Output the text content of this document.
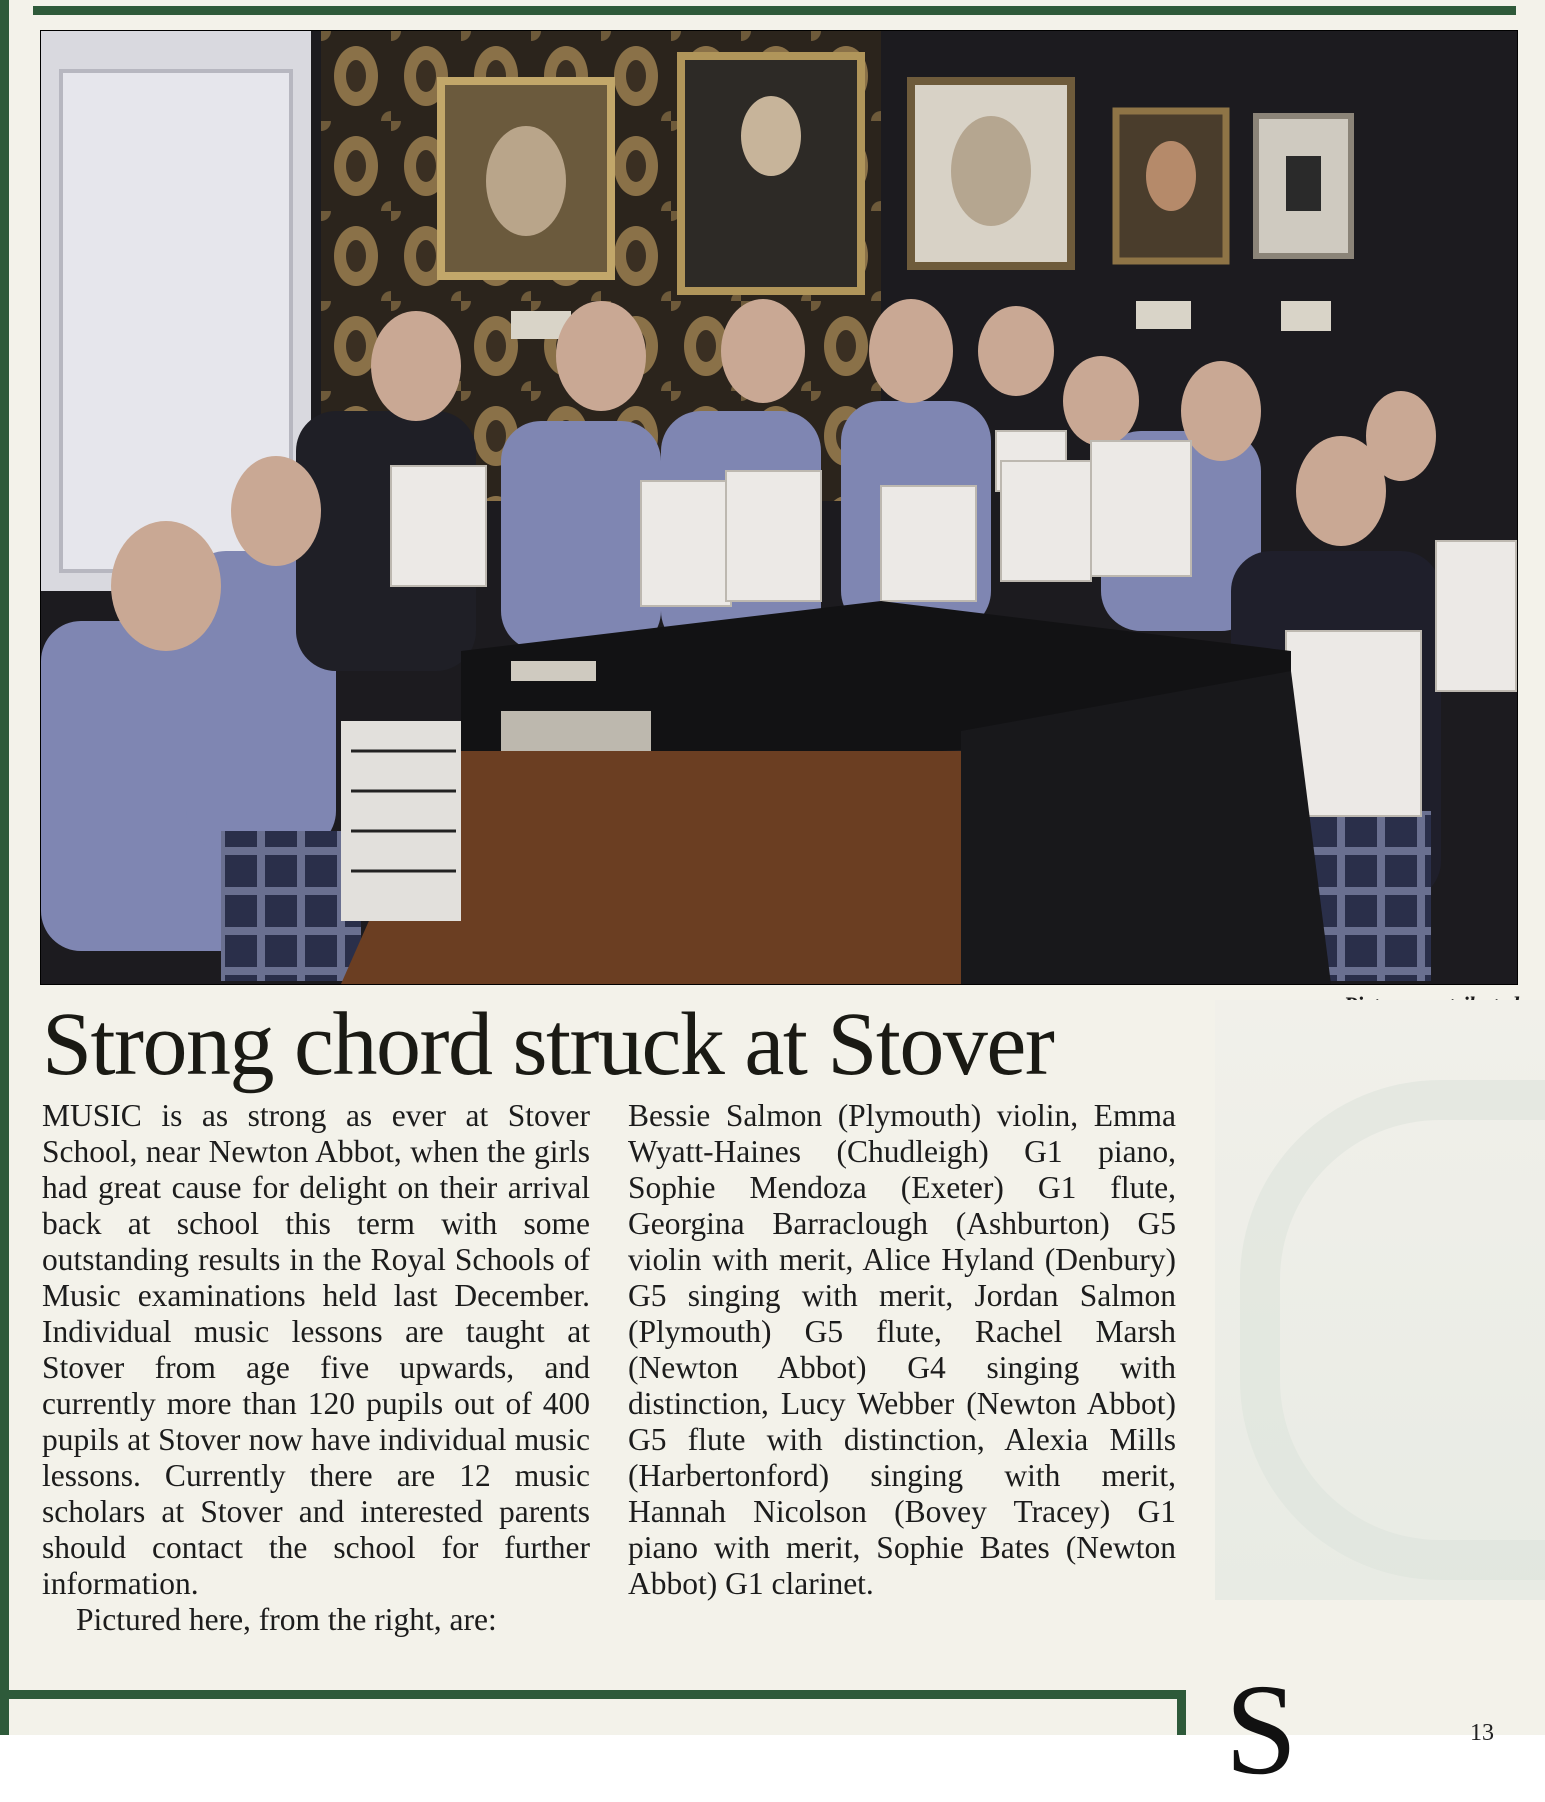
Strong chord struck at Stover

MUSIC is as strong as ever at Stover School, near Newton Abbot, when the girls had great cause for delight on their arrival back at school this term with some outstanding results in the Royal Schools of Music examinations held last December. Individual music lessons are taught at Stover from age five upwards, and currently more than 120 pupils out of 400 pupils at Stover now have individual music lessons. Currently there are 12 music scholars at Stover and interested parents should contact the school for further information.

Pictured here, from the right, are:

Bessie Salmon (Plymouth) violin, Emma Wyatt-Haines (Chudleigh) G1 piano, Sophie Mendoza (Exeter) G1 flute, Georgina Barraclough (Ashburton) G5 violin with merit, Alice Hyland (Denbury) G5 singing with merit, Jordan Salmon (Plymouth) G5 flute, Rachel Marsh (Newton Abbot) G4 singing with distinction, Lucy Webber (Newton Abbot) G5 flute with distinction, Alexia Mills (Harbertonford) singing with merit, Hannah Nicolson (Bovey Tracey) G1 piano with merit, Sophie Bates (Newton Abbot) G1 clarinet.

S	13
